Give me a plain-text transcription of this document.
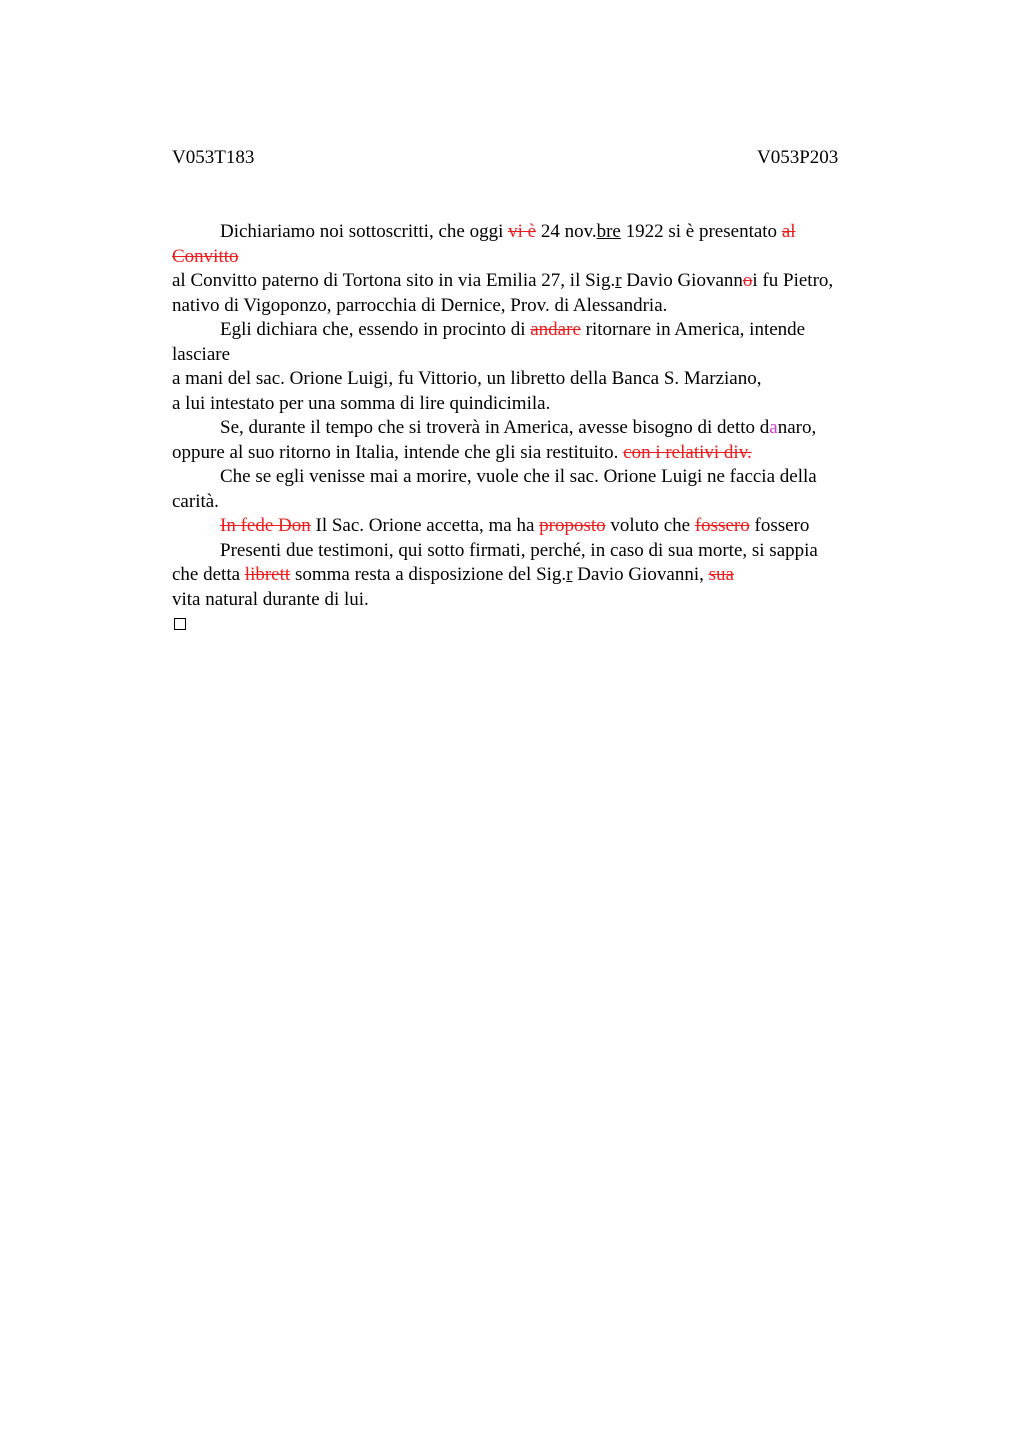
V053T183	V053P203
Dichiariamo noi sottoscritti, che oggi vi è 24 nov.bre 1922 si è presentato al
Convitto
al Convitto paterno di Tortona sito in via Emilia 27, il Sig.r Davio Giovannoi fu Pietro,
nativo di Vigoponzo, parrocchia di Dernice, Prov. di Alessandria.
Egli dichiara che, essendo in procinto di andare ritornare in America, intende
lasciare
a mani del sac. Orione Luigi, fu Vittorio, un libretto della Banca S. Marziano,
a lui intestato per una somma di lire quindicimila.
Se, durante il tempo che si troverà in America, avesse bisogno di detto danaro,
oppure al suo ritorno in Italia, intende che gli sia restituito. con i relativi div.
Che se egli venisse mai a morire, vuole che il sac. Orione Luigi ne faccia della
carità.
In fede Don Il Sac. Orione accetta, ma ha proposto voluto che fossero fossero
Presenti due testimoni, qui sotto firmati, perché, in caso di sua morte, si sappia
che detta librett somma resta a disposizione del Sig.r Davio Giovanni, sua
vita natural durante di lui.
